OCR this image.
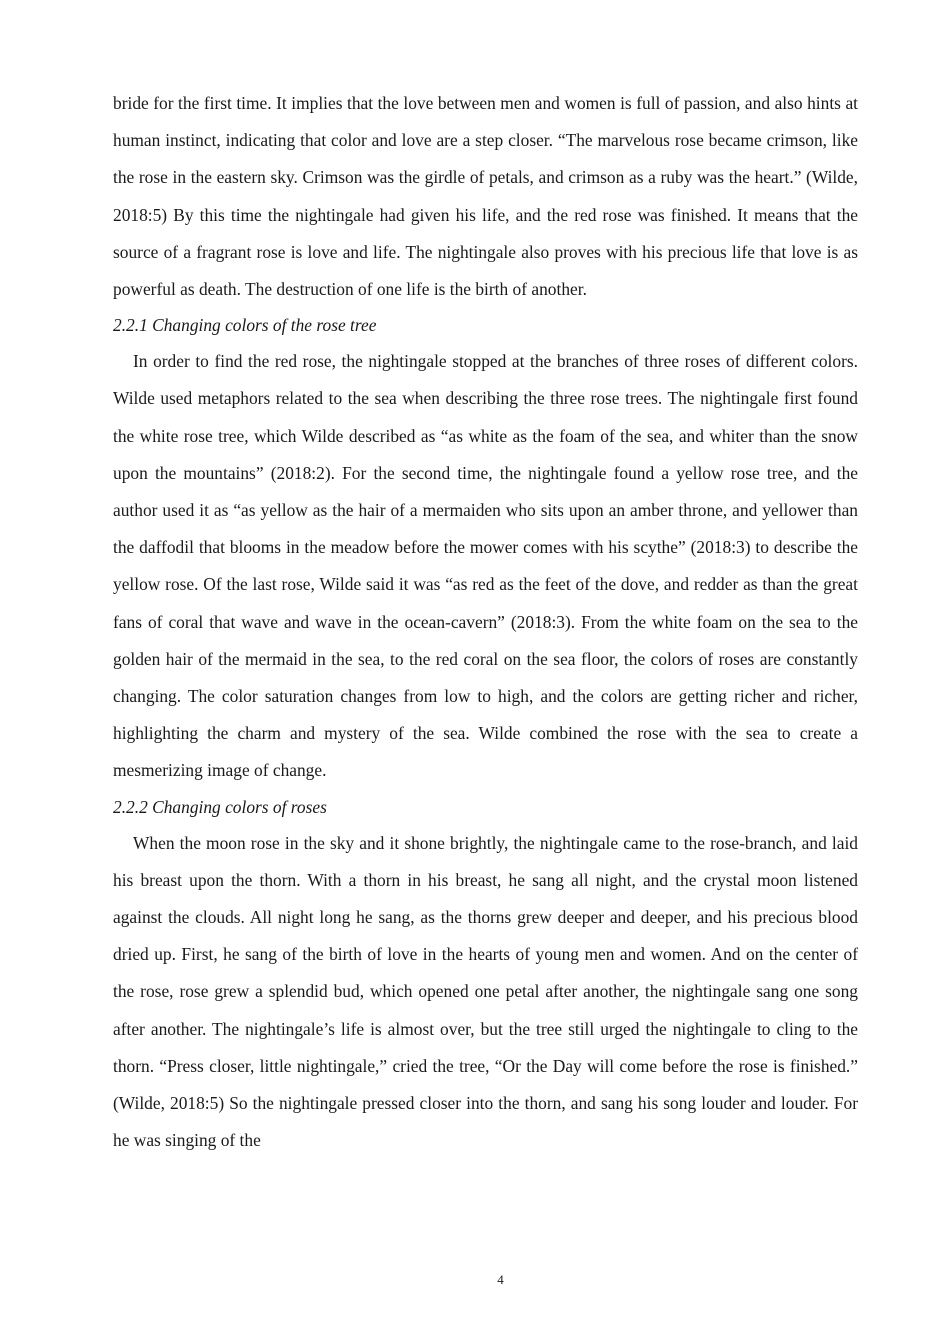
bride for the first time. It implies that the love between men and women is full of passion, and also hints at human instinct, indicating that color and love are a step closer. “The marvelous rose became crimson, like the rose in the eastern sky. Crimson was the girdle of petals, and crimson as a ruby was the heart.” (Wilde, 2018:5) By this time the nightingale had given his life, and the red rose was finished. It means that the source of a fragrant rose is love and life. The nightingale also proves with his precious life that love is as powerful as death. The destruction of one life is the birth of another.

2.2.1 Changing colors of the rose tree

In order to find the red rose, the nightingale stopped at the branches of three roses of different colors. Wilde used metaphors related to the sea when describing the three rose trees. The nightingale first found the white rose tree, which Wilde described as “as white as the foam of the sea, and whiter than the snow upon the mountains” (2018:2). For the second time, the nightingale found a yellow rose tree, and the author used it as “as yellow as the hair of a mermaiden who sits upon an amber throne, and yellower than the daffodil that blooms in the meadow before the mower comes with his scythe” (2018:3) to describe the yellow rose. Of the last rose, Wilde said it was “as red as the feet of the dove, and redder as than the great fans of coral that wave and wave in the ocean-cavern” (2018:3). From the white foam on the sea to the golden hair of the mermaid in the sea, to the red coral on the sea floor, the colors of roses are constantly changing. The color saturation changes from low to high, and the colors are getting richer and richer, highlighting the charm and mystery of the sea. Wilde combined the rose with the sea to create a mesmerizing image of change.

2.2.2 Changing colors of roses

When the moon rose in the sky and it shone brightly, the nightingale came to the rose-branch, and laid his breast upon the thorn. With a thorn in his breast, he sang all night, and the crystal moon listened against the clouds. All night long he sang, as the thorns grew deeper and deeper, and his precious blood dried up. First, he sang of the birth of love in the hearts of young men and women. And on the center of the rose, rose grew a splendid bud, which opened one petal after another, the nightingale sang one song after another. The nightingale’s life is almost over, but the tree still urged the nightingale to cling to the thorn. “Press closer, little nightingale,” cried the tree, “Or the Day will come before the rose is finished.” (Wilde, 2018:5) So the nightingale pressed closer into the thorn, and sang his song louder and louder. For he was singing of the

4
